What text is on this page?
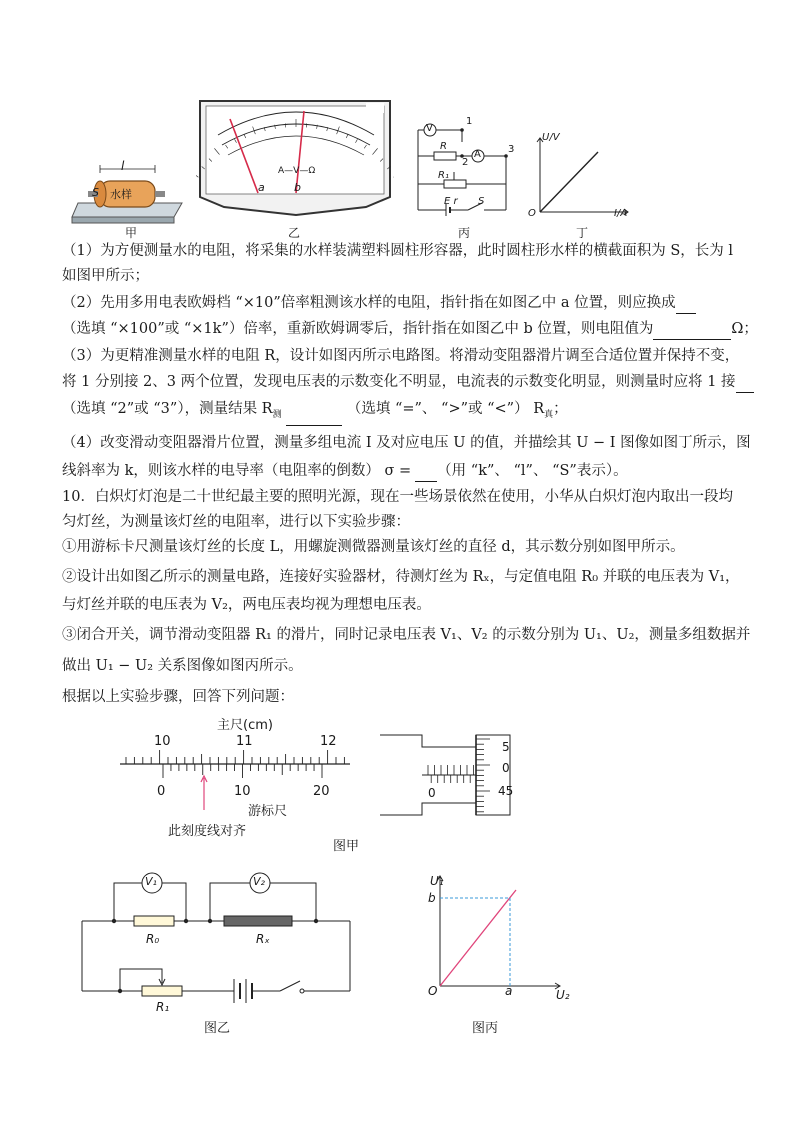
l
S 水样
甲
a	b
A—V—Ω
乙
V
A
R
R₁
E r S
1
2
3
丙
U/V
I/A
O
丁
（1）为方便测量水的电阻，将采集的水样装满塑料圆柱形容器，此时圆柱形水样的横截面积为 S，长为 l
如图甲所示；
（2）先用多用电表欧姆档 “×10”倍率粗测该水样的电阻，指针指在如图乙中 a 位置，则应换成
（选填 “×100”或 “×1k”）倍率，重新欧姆调零后，指针指在如图乙中 b 位置，则电阻值为	Ω；
（3）为更精准测量水样的电阻 R，设计如图丙所示电路图。将滑动变阻器滑片调至合适位置并保持不变，
将 1 分别接 2、3 两个位置，发现电压表的示数变化不明显，电流表的示数变化明显，则测量时应将 1 接
（选填 “2”或 “3”），测量结果 $R_测$	（选填 “=”、 “>”或 “<”） $R_真$；
（4）改变滑动变阻器滑片位置，测量多组电流 I 及对应电压 U 的值，并描绘其 U − I 图像如图丁所示，图
线斜率为 k，则该水样的电导率（电阻率的倒数） σ = （用 “k”、 “l”、 “S”表示）。
10．白炽灯灯泡是二十世纪最主要的照明光源，现在一些场景依然在使用，小华从白炽灯泡内取出一段均
匀灯丝，为测量该灯丝的电阻率，进行以下实验步骤：
①用游标卡尺测量该灯丝的长度 L，用螺旋测微器测量该灯丝的直径 d，其示数分别如图甲所示。
②设计出如图乙所示的测量电路，连接好实验器材，待测灯丝为 Rₓ，与定值电阻 R₀ 并联的电压表为 V₁，
与灯丝并联的电压表为 V₂，两电压表均视为理想电压表。
③闭合开关，调节滑动变阻器 R₁ 的滑片，同时记录电压表 V₁、V₂ 的示数分别为 U₁、U₂，测量多组数据并
做出 U₁ − U₂ 关系图像如图丙所示。
根据以上实验步骤，回答下列问题：
主尺(cm)
10	11	12
0	10	20
游标尺
此刻度线对齐
0
5
0
45
图甲
V₁	V₂
R₀	Rₓ
R₁
图乙
U₁
U₂
O
b
a
图丙
